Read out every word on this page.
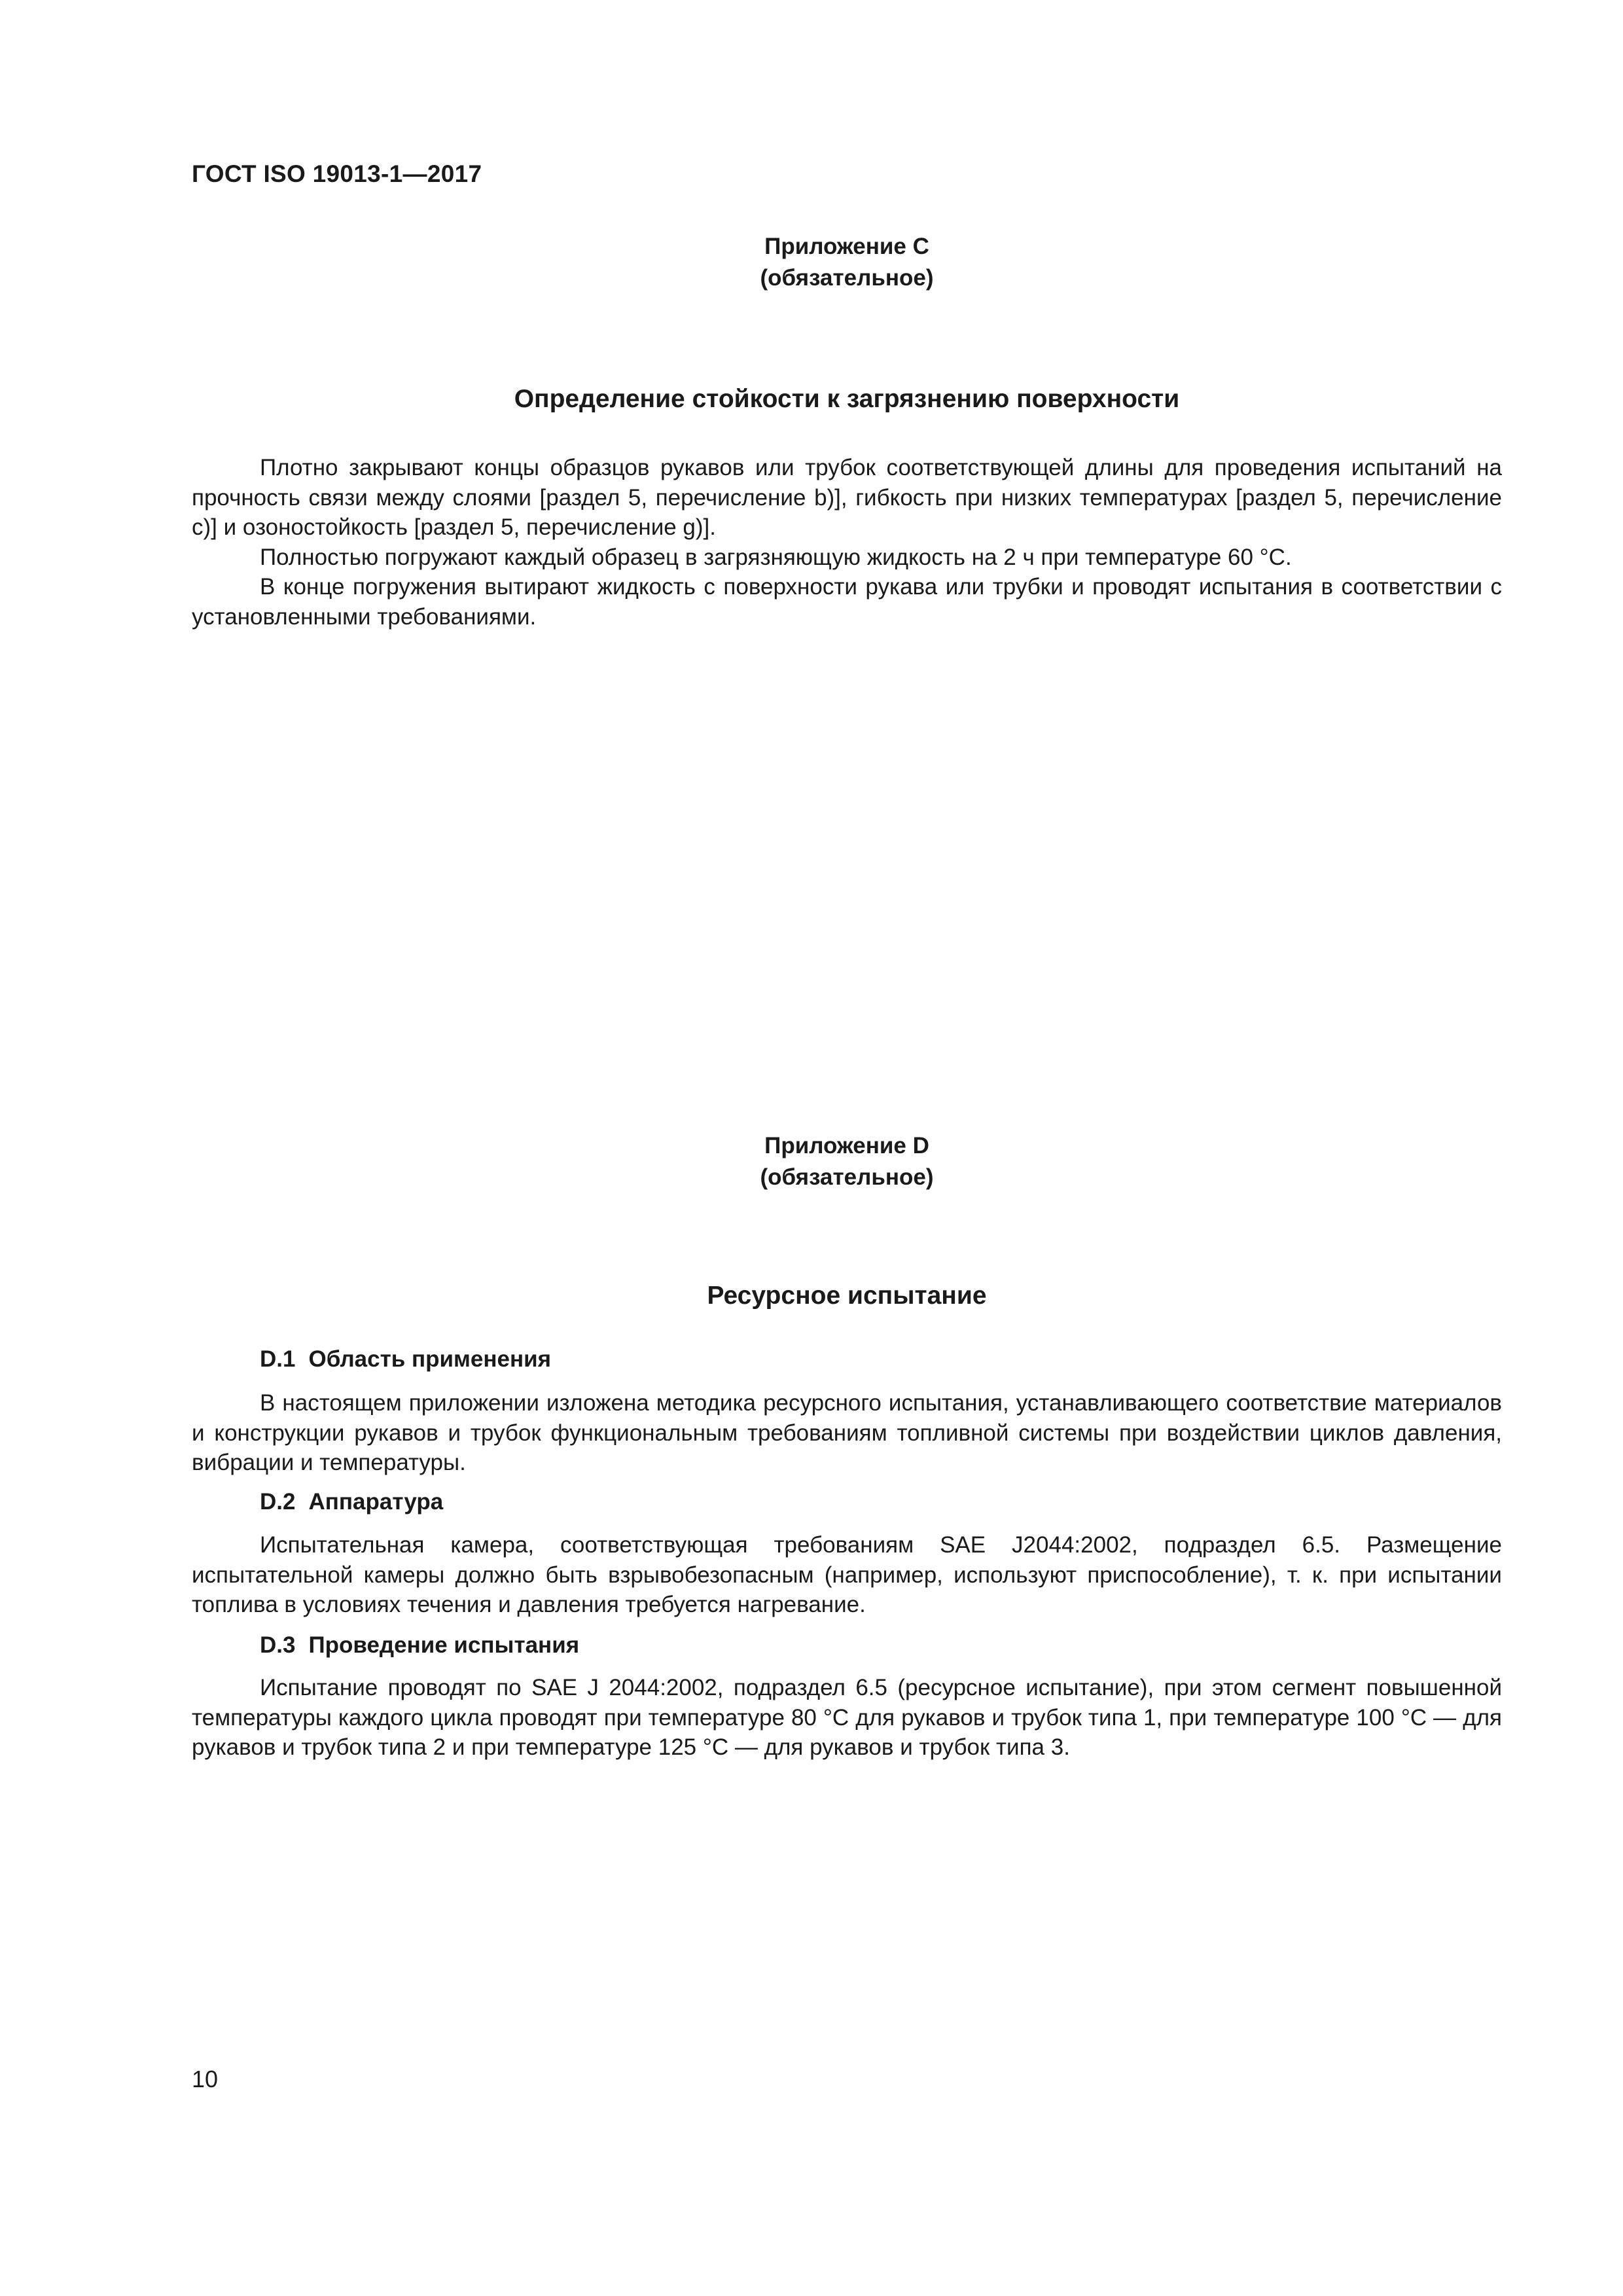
ГОСТ ISO 19013-1—2017
Приложение C
(обязательное)
Определение стойкости к загрязнению поверхности

Плотно закрывают концы образцов рукавов или трубок соответствующей длины для проведения испытаний на прочность связи между слоями [раздел 5, перечисление b)], гибкость при низких температурах [раздел 5, перечисление c)] и озоностойкость [раздел 5, перечисление g)].

Полностью погружают каждый образец в загрязняющую жидкость на 2 ч при температуре 60 °С.

В конце погружения вытирают жидкость с поверхности рукава или трубки и проводят испытания в соответствии с установленными требованиями.

Приложение D
(обязательное)
Ресурсное испытание
D.1 Область применения

В настоящем приложении изложена методика ресурсного испытания, устанавливающего соответствие материалов и конструкции рукавов и трубок функциональным требованиям топливной системы при воздействии циклов давления, вибрации и температуры.

D.2 Аппаратура

Испытательная камера, соответствующая требованиям SAE J2044:2002, подраздел 6.5. Размещение испытательной камеры должно быть взрывобезопасным (например, используют приспособление), т. к. при испытании топлива в условиях течения и давления требуется нагревание.

D.3 Проведение испытания

Испытание проводят по SAE J 2044:2002, подраздел 6.5 (ресурсное испытание), при этом сегмент повышенной температуры каждого цикла проводят при температуре 80 °С для рукавов и трубок типа 1, при температуре 100 °С — для рукавов и трубок типа 2 и при температуре 125 °С — для рукавов и трубок типа 3.

10
